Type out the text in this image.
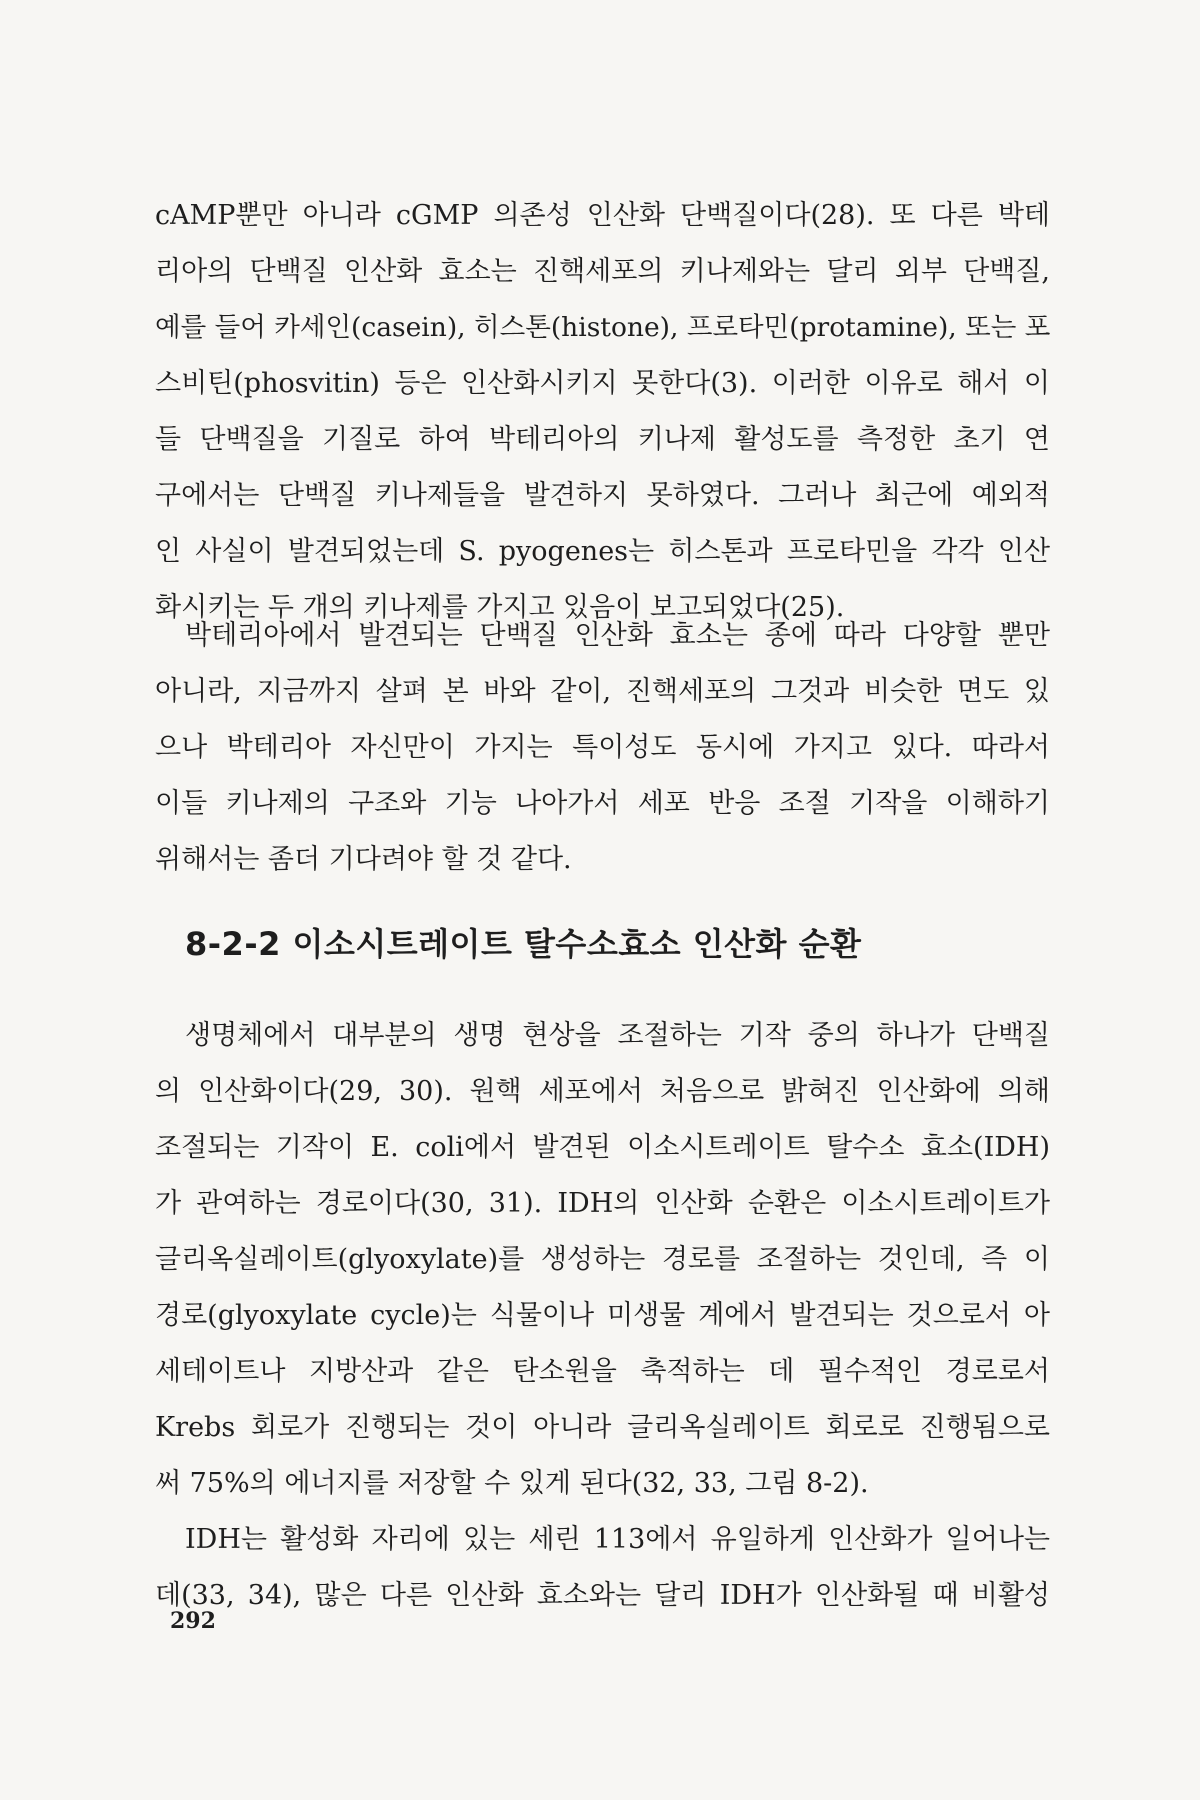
cAMP뿐만 아니라 cGMP 의존성 인산화 단백질이다(28). 또 다른 박테
리아의 단백질 인산화 효소는 진핵세포의 키나제와는 달리 외부 단백질,
예를 들어 카세인(casein), 히스톤(histone), 프로타민(protamine), 또는 포
스비틴(phosvitin) 등은 인산화시키지 못한다(3). 이러한 이유로 해서 이
들 단백질을 기질로 하여 박테리아의 키나제 활성도를 측정한 초기 연
구에서는 단백질 키나제들을 발견하지 못하였다. 그러나 최근에 예외적
인 사실이 발견되었는데 S. pyogenes는 히스톤과 프로타민을 각각 인산
화시키는 두 개의 키나제를 가지고 있음이 보고되었다(25).
박테리아에서 발견되는 단백질 인산화 효소는 종에 따라 다양할 뿐만
아니라, 지금까지 살펴 본 바와 같이, 진핵세포의 그것과 비슷한 면도 있
으나 박테리아 자신만이 가지는 특이성도 동시에 가지고 있다. 따라서
이들 키나제의 구조와 기능 나아가서 세포 반응 조절 기작을 이해하기
위해서는 좀더 기다려야 할 것 같다.
8-2-2 이소시트레이트 탈수소효소 인산화 순환
생명체에서 대부분의 생명 현상을 조절하는 기작 중의 하나가 단백질
의 인산화이다(29, 30). 원핵 세포에서 처음으로 밝혀진 인산화에 의해
조절되는 기작이 E. coli에서 발견된 이소시트레이트 탈수소 효소(IDH)
가 관여하는 경로이다(30, 31). IDH의 인산화 순환은 이소시트레이트가
글리옥실레이트(glyoxylate)를 생성하는 경로를 조절하는 것인데, 즉 이
경로(glyoxylate cycle)는 식물이나 미생물 계에서 발견되는 것으로서 아
세테이트나 지방산과 같은 탄소원을 축적하는 데 필수적인 경로로서
Krebs 회로가 진행되는 것이 아니라 글리옥실레이트 회로로 진행됨으로
써 75%의 에너지를 저장할 수 있게 된다(32, 33, 그림 8-2).
IDH는 활성화 자리에 있는 세린 113에서 유일하게 인산화가 일어나는
데(33, 34), 많은 다른 인산화 효소와는 달리 IDH가 인산화될 때 비활성
292
